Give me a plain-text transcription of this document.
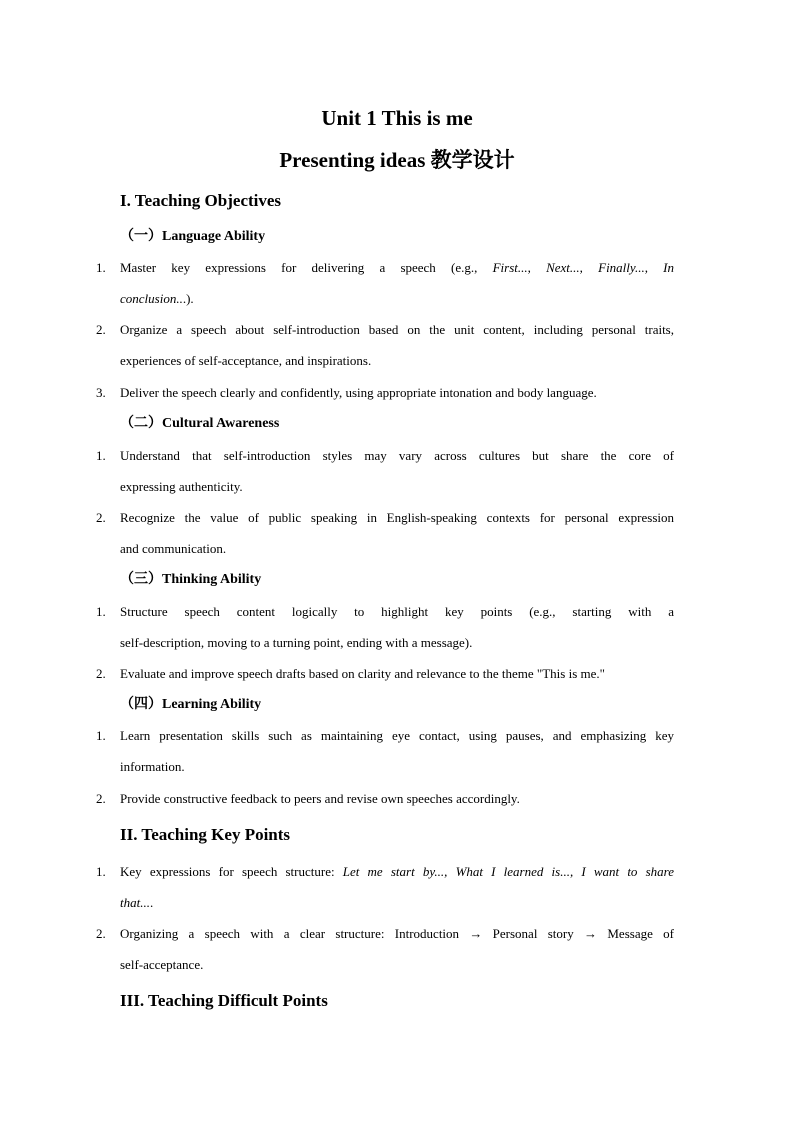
Unit 1 This is me
Presenting ideas 教学设计
I. Teaching Objectives
（一）Language Ability
1. Master key expressions for delivering a speech (e.g., First..., Next..., Finally..., In
conclusion...).
2. Organize a speech about self-introduction based on the unit content, including personal traits,
experiences of self-acceptance, and inspirations.
3. Deliver the speech clearly and confidently, using appropriate intonation and body language.
（二）Cultural Awareness
1. Understand that self-introduction styles may vary across cultures but share the core of
expressing authenticity.
2. Recognize the value of public speaking in English-speaking contexts for personal expression
and communication.
（三）Thinking Ability
1. Structure speech content logically to highlight key points (e.g., starting with a
self-description, moving to a turning point, ending with a message).
2. Evaluate and improve speech drafts based on clarity and relevance to the theme "This is me."
（四）Learning Ability
1. Learn presentation skills such as maintaining eye contact, using pauses, and emphasizing key
information.
2. Provide constructive feedback to peers and revise own speeches accordingly.
II. Teaching Key Points
1. Key expressions for speech structure: Let me start by..., What I learned is..., I want to share
that....
2. Organizing a speech with a clear structure: Introduction → Personal story → Message of
self-acceptance.
III. Teaching Difficult Points
